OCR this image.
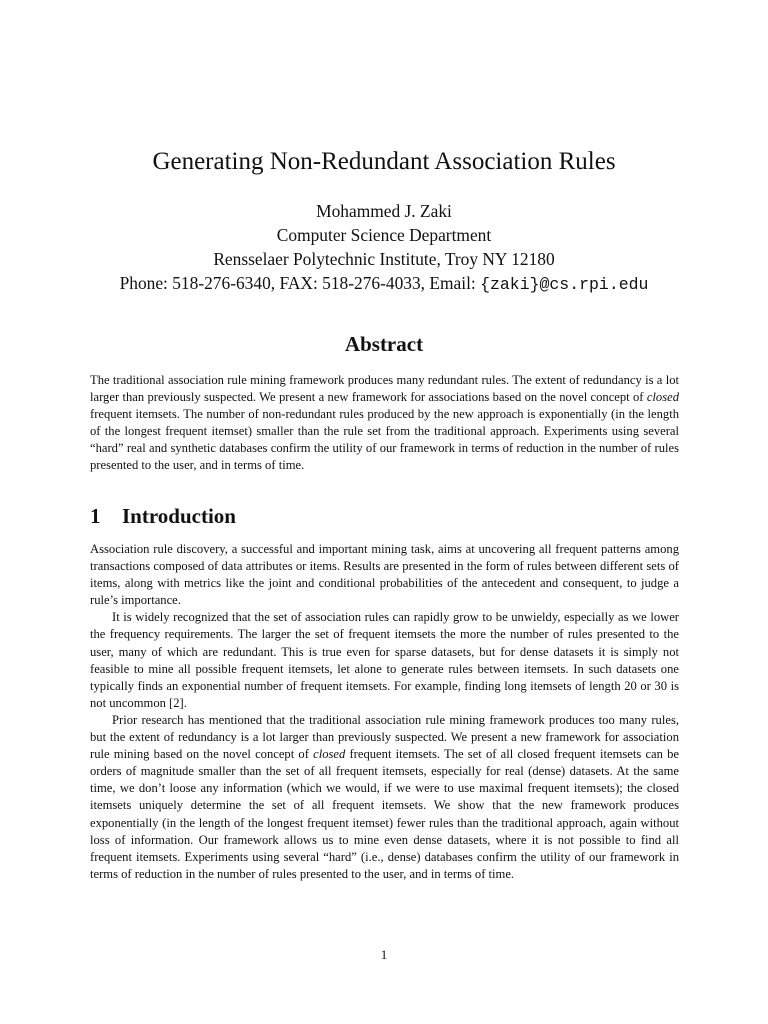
Generating Non-Redundant Association Rules
Mohammed J. Zaki
Computer Science Department
Rensselaer Polytechnic Institute, Troy NY 12180
Phone: 518-276-6340, FAX: 518-276-4033, Email: {zaki}@cs.rpi.edu
Abstract

The traditional association rule mining framework produces many redundant rules. The extent of redundancy is a lot larger than previously suspected. We present a new framework for associations based on the novel concept of closed frequent itemsets. The number of non-redundant rules produced by the new approach is exponentially (in the length of the longest frequent itemset) smaller than the rule set from the traditional approach. Experiments using several “hard” real and synthetic databases confirm the utility of our framework in terms of reduction in the number of rules presented to the user, and in terms of time.

1 Introduction

Association rule discovery, a successful and important mining task, aims at uncovering all frequent patterns among transactions composed of data attributes or items. Results are presented in the form of rules between different sets of items, along with metrics like the joint and conditional probabilities of the antecedent and consequent, to judge a rule’s importance.

It is widely recognized that the set of association rules can rapidly grow to be unwieldy, especially as we lower the frequency requirements. The larger the set of frequent itemsets the more the number of rules presented to the user, many of which are redundant. This is true even for sparse datasets, but for dense datasets it is simply not feasible to mine all possible frequent itemsets, let alone to generate rules between itemsets. In such datasets one typically finds an exponential number of frequent itemsets. For example, finding long itemsets of length 20 or 30 is not uncommon [2].

Prior research has mentioned that the traditional association rule mining framework produces too many rules, but the extent of redundancy is a lot larger than previously suspected. We present a new framework for association rule mining based on the novel concept of closed frequent itemsets. The set of all closed frequent itemsets can be orders of magnitude smaller than the set of all frequent itemsets, especially for real (dense) datasets. At the same time, we don’t loose any information (which we would, if we were to use maximal frequent itemsets); the closed itemsets uniquely determine the set of all frequent itemsets. We show that the new framework produces exponentially (in the length of the longest frequent itemset) fewer rules than the traditional approach, again without loss of information. Our framework allows us to mine even dense datasets, where it is not possible to find all frequent itemsets. Experiments using several “hard” (i.e., dense) databases confirm the utility of our framework in terms of reduction in the number of rules presented to the user, and in terms of time.

1
